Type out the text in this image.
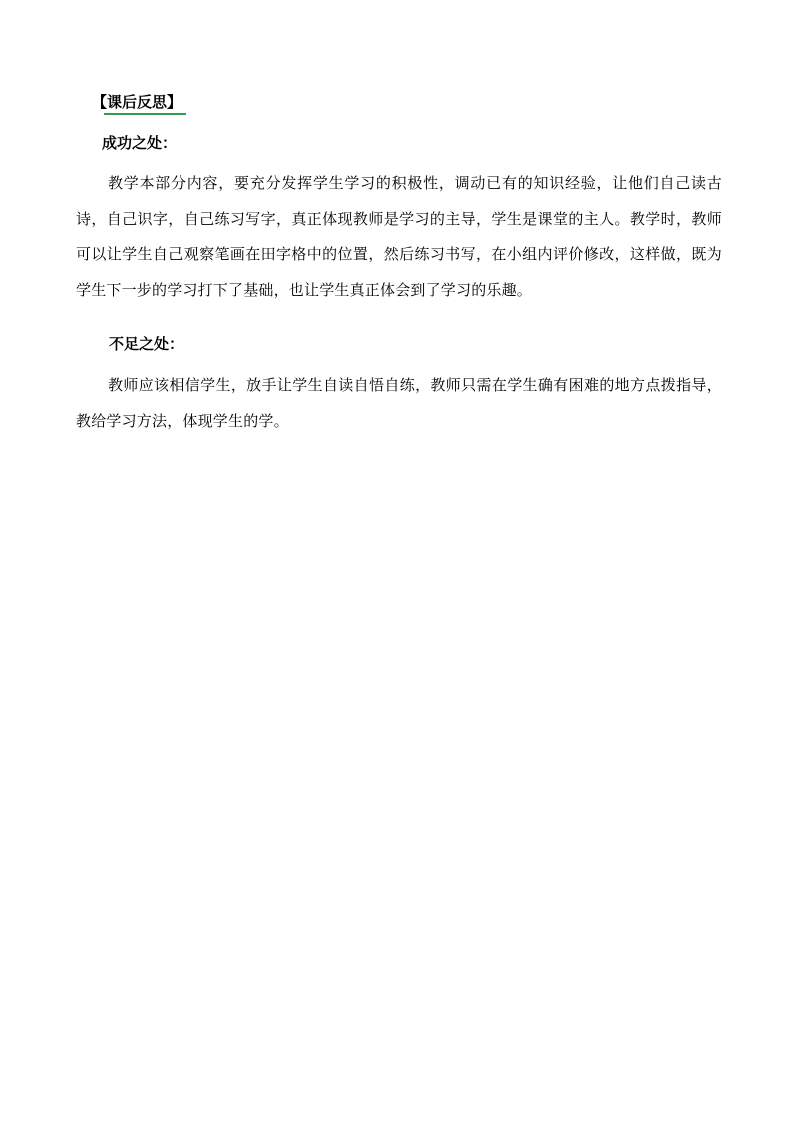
【课后反思】
成功之处：

教学本部分内容，要充分发挥学生学习的积极性，调动已有的知识经验，让他们自己读古诗，自己识字，自己练习写字，真正体现教师是学习的主导，学生是课堂的主人。教学时，教师可以让学生自己观察笔画在田字格中的位置，然后练习书写，在小组内评价修改，这样做，既为学生下一步的学习打下了基础，也让学生真正体会到了学习的乐趣。

不足之处：

教师应该相信学生，放手让学生自读自悟自练，教师只需在学生确有困难的地方点拨指导，教给学习方法，体现学生的学。
